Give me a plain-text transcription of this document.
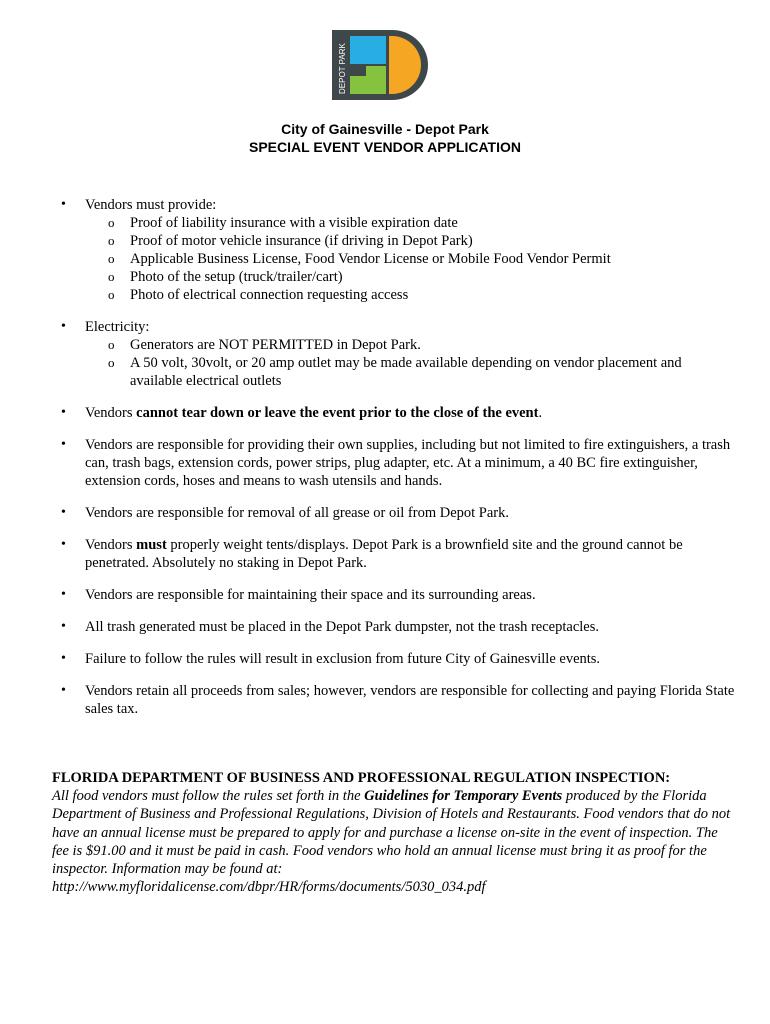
DEPOT PARK
City of Gainesville - Depot Park
SPECIAL EVENT VENDOR APPLICATION
• Vendors must provide:
o Proof of liability insurance with a visible expiration date
o Proof of motor vehicle insurance (if driving in Depot Park)
o Applicable Business License, Food Vendor License or Mobile Food Vendor Permit
o Photo of the setup (truck/trailer/cart)
o Photo of electrical connection requesting access
• Electricity:
o Generators are NOT PERMITTED in Depot Park.
o A 50 volt, 30volt, or 20 amp outlet may be made available depending on vendor placement and available electrical outlets
• Vendors cannot tear down or leave the event prior to the close of the event.
• Vendors are responsible for providing their own supplies, including but not limited to fire extinguishers, a trash can, trash bags, extension cords, power strips, plug adapter, etc. At a minimum, a 40 BC fire extinguisher, extension cords, hoses and means to wash utensils and hands.
• Vendors are responsible for removal of all grease or oil from Depot Park.
• Vendors must properly weight tents/displays. Depot Park is a brownfield site and the ground cannot be penetrated. Absolutely no staking in Depot Park.
• Vendors are responsible for maintaining their space and its surrounding areas.
• All trash generated must be placed in the Depot Park dumpster, not the trash receptacles.
• Failure to follow the rules will result in exclusion from future City of Gainesville events.
• Vendors retain all proceeds from sales; however, vendors are responsible for collecting and paying Florida State sales tax.
FLORIDA DEPARTMENT OF BUSINESS AND PROFESSIONAL REGULATION INSPECTION:
All food vendors must follow the rules set forth in the Guidelines for Temporary Events produced by the Florida Department of Business and Professional Regulations, Division of Hotels and Restaurants. Food vendors that do not have an annual license must be prepared to apply for and purchase a license on-site in the event of inspection. The fee is $91.00 and it must be paid in cash. Food vendors who hold an annual license must bring it as proof for the inspector. Information may be found at:
http://www.myfloridalicense.com/dbpr/HR/forms/documents/5030_034.pdf
